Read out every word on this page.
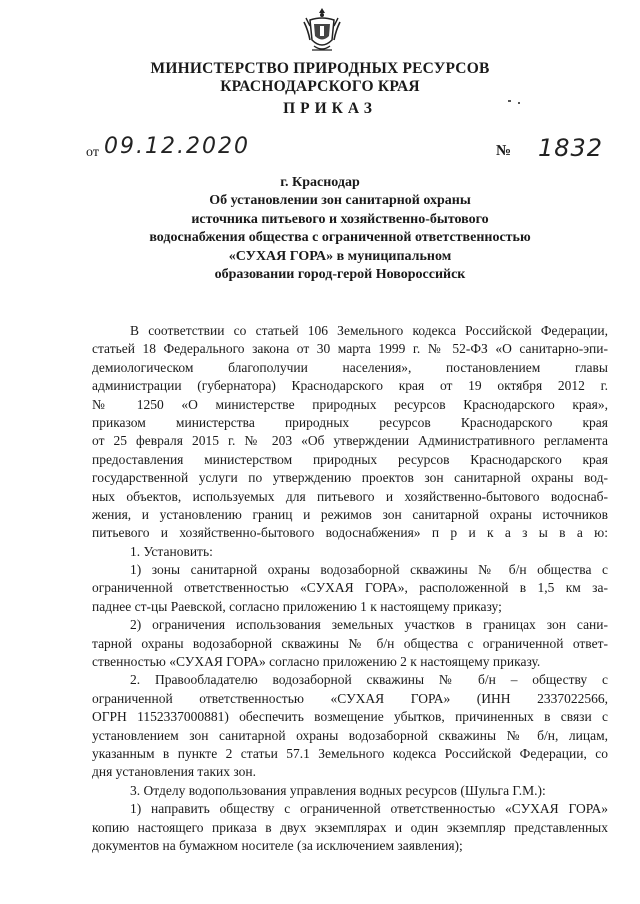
МИНИСТЕРСТВО ПРИРОДНЫХ РЕСУРСОВ
КРАСНОДАРСКОГО КРАЯ
ПРИКАЗ
от 09.12.2020	№ 1832
г. Краснодар
Об установлении зон санитарной охраны
источника питьевого и хозяйственно-бытового
водоснабжения общества с ограниченной ответственностью
«СУХАЯ ГОРА» в муниципальном
образовании город-герой Новороссийск
В соответствии со статьей 106 Земельного кодекса Российской Федерации,
статьей 18 Федерального закона от 30 марта 1999 г. № 52-ФЗ «О санитарно-эпи-
демиологическом благополучии населения», постановлением главы
администрации (губернатора) Краснодарского края от 19 октября 2012 г.
№ 1250 «О министерстве природных ресурсов Краснодарского края»,
приказом министерства природных ресурсов Краснодарского края
от 25 февраля 2015 г. № 203 «Об утверждении Административного регламента
предоставления министерством природных ресурсов Краснодарского края
государственной услуги по утверждению проектов зон санитарной охраны вод-
ных объектов, используемых для питьевого и хозяйственно-бытового водоснаб-
жения, и установлению границ и режимов зон санитарной охраны источников
питьевого и хозяйственно-бытового водоснабжения» п р и к а з ы в а ю:
1. Установить:
1) зоны санитарной охраны водозаборной скважины № б/н общества с
ограниченной ответственностью «СУХАЯ ГОРА», расположенной в 1,5 км за-
паднее ст-цы Раевской, согласно приложению 1 к настоящему приказу;
2) ограничения использования земельных участков в границах зон сани-
тарной охраны водозаборной скважины № б/н общества с ограниченной ответ-
ственностью «СУХАЯ ГОРА» согласно приложению 2 к настоящему приказу.
2. Правообладателю водозаборной скважины № б/н – обществу с
ограниченной ответственностью «СУХАЯ ГОРА» (ИНН 2337022566,
ОГРН 1152337000881) обеспечить возмещение убытков, причиненных в связи с
установлением зон санитарной охраны водозаборной скважины № б/н, лицам,
указанным в пункте 2 статьи 57.1 Земельного кодекса Российской Федерации, со
дня установления таких зон.
3. Отделу водопользования управления водных ресурсов (Шульга Г.М.):
1) направить обществу с ограниченной ответственностью «СУХАЯ ГОРА»
копию настоящего приказа в двух экземплярах и один экземпляр представленных
документов на бумажном носителе (за исключением заявления);
